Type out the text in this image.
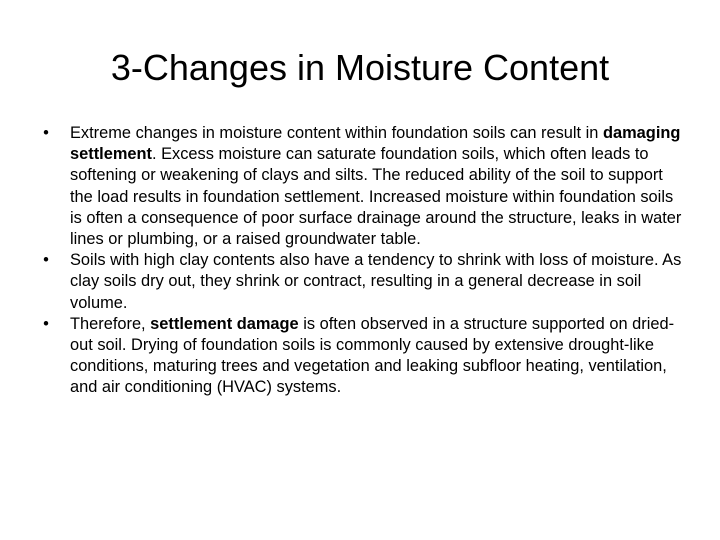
3-Changes in Moisture Content
•	Extreme changes in moisture content within foundation soils can result in damaging settlement. Excess moisture can saturate foundation soils, which often leads to softening or weakening of clays and silts. The reduced ability of the soil to support the load results in foundation settlement. Increased moisture within foundation soils is often a consequence of poor surface drainage around the structure, leaks in water lines or plumbing, or a raised groundwater table.
•	Soils with high clay contents also have a tendency to shrink with loss of moisture. As clay soils dry out, they shrink or contract, resulting in a general decrease in soil volume.
•	Therefore, settlement damage is often observed in a structure supported on dried-out soil. Drying of foundation soils is commonly caused by extensive drought-like conditions, maturing trees and vegetation and leaking subfloor heating, ventilation, and air conditioning (HVAC) systems.
